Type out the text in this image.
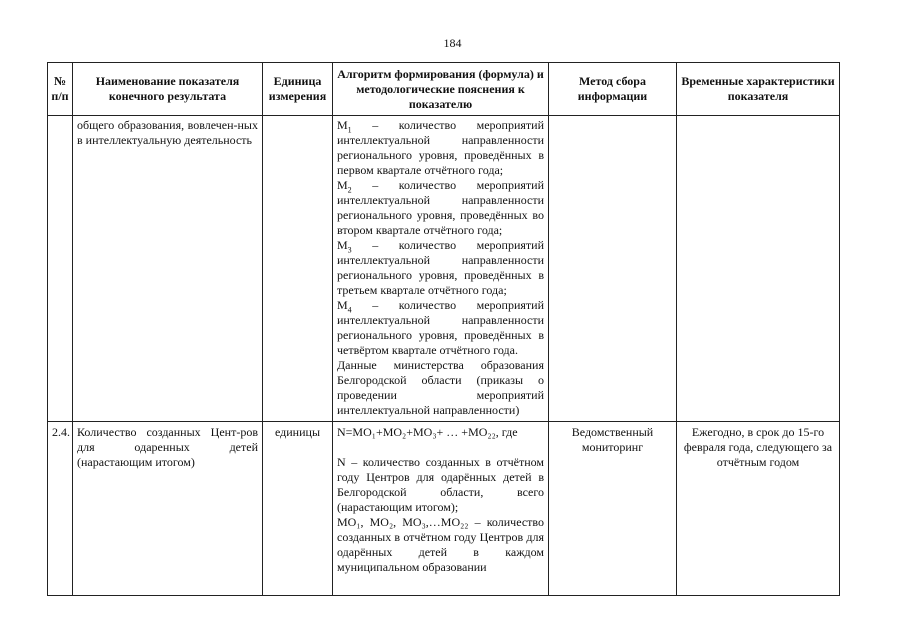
184
№ п/п	Наименование показателя конечного результата	Единица измерения	Алгоритм формирования (формула) и методологические пояснения к показателю	Метод сбора информации	Временные характеристики показателя
	общего образования, вовлечен-ных в интеллектуальную деятельность		$M_1$ – количество мероприятий интеллектуальной направленности регионального уровня, проведённых в первом квартале отчётного года;
$M_2$ – количество мероприятий интеллектуальной направленности регионального уровня, проведённых во втором квартале отчётного года;
$M_3$ – количество мероприятий интеллектуальной направленности регионального уровня, проведённых в третьем квартале отчётного года;
$M_4$ – количество мероприятий интеллектуальной направленности регионального уровня, проведённых в четвёртом квартале отчётного года.
Данные министерства образования Белгородской области (приказы о проведении мероприятий интеллектуальной направленности)		

2.4.	Количество созданных Цент-ров для одаренных детей (нарастающим итогом)	единицы	N=MO₁+MO₂+MO₃+ … +MO₂₂, где
N – количество созданных в отчётном году Центров для одарённых детей в Белгородской области, всего (нарастающим итогом);
MO₁, MO₂, MO₃,…MO₂₂ – количество созданных в отчётном году Центров для одарённых детей в каждом муниципальном образовании	Ведомственный мониторинг	Ежегодно, в срок до 15-го февраля года, следующего за отчётным годом
